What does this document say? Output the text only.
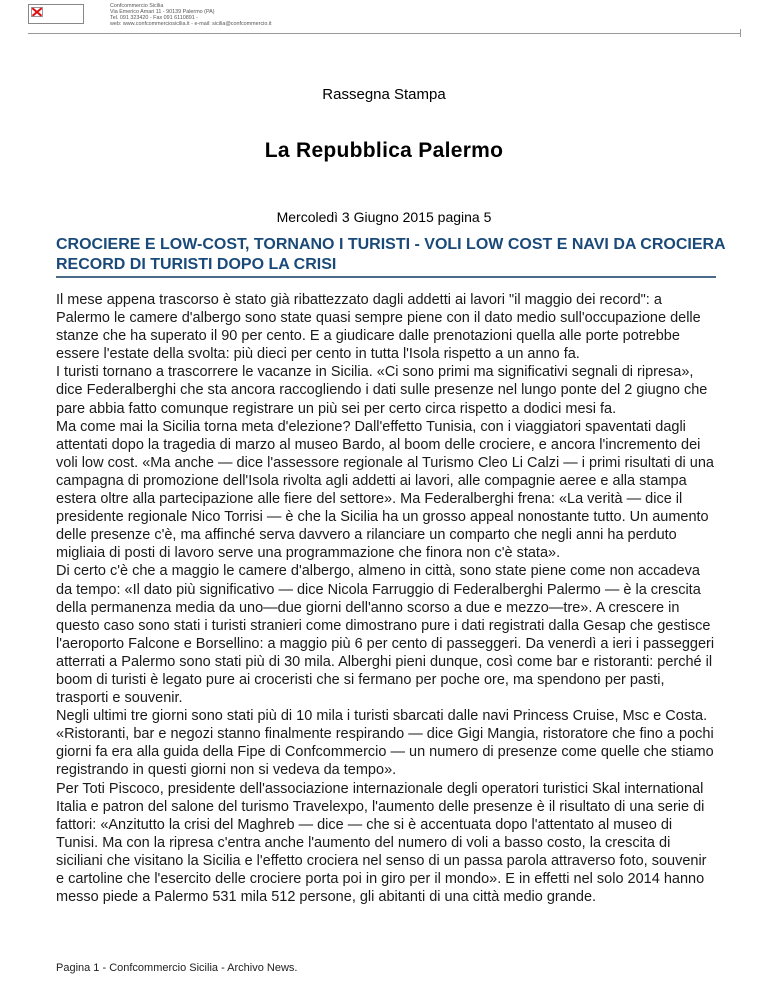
Confcommercio Sicilia
Via Emerico Amari 11 - 90139 Palermo (PA)
Tel. 091 323420 - Fax 091 6110891 -
web: www.confcommerciosicilia.it - e-mail: sicilia@confcommercio.it
Rassegna Stampa
La Repubblica Palermo
Mercoledì 3 Giugno 2015 pagina 5
CROCIERE E LOW-COST, TORNANO I TURISTI - VOLI LOW COST E NAVI DA CROCIERA RECORD DI TURISTI DOPO LA CRISI

Il mese appena trascorso è stato già ribattezzato dagli addetti ai lavori "il maggio dei record": a Palermo le camere d'albergo sono state quasi sempre piene con il dato medio sull'occupazione delle stanze che ha superato il 90 per cento. E a giudicare dalle prenotazioni quella alle porte potrebbe essere l'estate della svolta: più dieci per cento in tutta l'Isola rispetto a un anno fa.

I turisti tornano a trascorrere le vacanze in Sicilia. «Ci sono primi ma significativi segnali di ripresa», dice Federalberghi che sta ancora raccogliendo i dati sulle presenze nel lungo ponte del 2 giugno che pare abbia fatto comunque registrare un più sei per certo circa rispetto a dodici mesi fa.

Ma come mai la Sicilia torna meta d'elezione? Dall'effetto Tunisia, con i viaggiatori spaventati dagli attentati dopo la tragedia di marzo al museo Bardo, al boom delle crociere, e ancora l'incremento dei voli low cost. «Ma anche — dice l'assessore regionale al Turismo Cleo Li Calzi — i primi risultati di una campagna di promozione dell'Isola rivolta agli addetti ai lavori, alle compagnie aeree e alla stampa estera oltre alla partecipazione alle fiere del settore». Ma Federalberghi frena: «La verità — dice il presidente regionale Nico Torrisi — è che la Sicilia ha un grosso appeal nonostante tutto. Un aumento delle presenze c'è, ma affinché serva davvero a rilanciare un comparto che negli anni ha perduto migliaia di posti di lavoro serve una programmazione che finora non c'è stata».

Di certo c'è che a maggio le camere d'albergo, almeno in città, sono state piene come non accadeva da tempo: «Il dato più significativo — dice Nicola Farruggio di Federalberghi Palermo — è la crescita della permanenza media da uno—due giorni dell'anno scorso a due e mezzo—tre». A crescere in questo caso sono stati i turisti stranieri come dimostrano pure i dati registrati dalla Gesap che gestisce l'aeroporto Falcone e Borsellino: a maggio più 6 per cento di passeggeri. Da venerdì a ieri i passeggeri atterrati a Palermo sono stati più di 30 mila. Alberghi pieni dunque, così come bar e ristoranti: perché il boom di turisti è legato pure ai croceristi che si fermano per poche ore, ma spendono per pasti, trasporti e souvenir.

Negli ultimi tre giorni sono stati più di 10 mila i turisti sbarcati dalle navi Princess Cruise, Msc e Costa. «Ristoranti, bar e negozi stanno finalmente respirando — dice Gigi Mangia, ristoratore che fino a pochi giorni fa era alla guida della Fipe di Confcommercio — un numero di presenze come quelle che stiamo registrando in questi giorni non si vedeva da tempo».

Per Toti Piscoco, presidente dell'associazione internazionale degli operatori turistici Skal international Italia e patron del salone del turismo Travelexpo, l'aumento delle presenze è il risultato di una serie di fattori: «Anzitutto la crisi del Maghreb — dice — che si è accentuata dopo l'attentato al museo di Tunisi. Ma con la ripresa c'entra anche l'aumento del numero di voli a basso costo, la crescita di siciliani che visitano la Sicilia e l'effetto crociera nel senso di un passa parola attraverso foto, souvenir e cartoline che l'esercito delle crociere porta poi in giro per il mondo». E in effetti nel solo 2014 hanno messo piede a Palermo 531 mila 512 persone, gli abitanti di una città medio grande.

Pagina 1 - Confcommercio Sicilia - Archivo News.
